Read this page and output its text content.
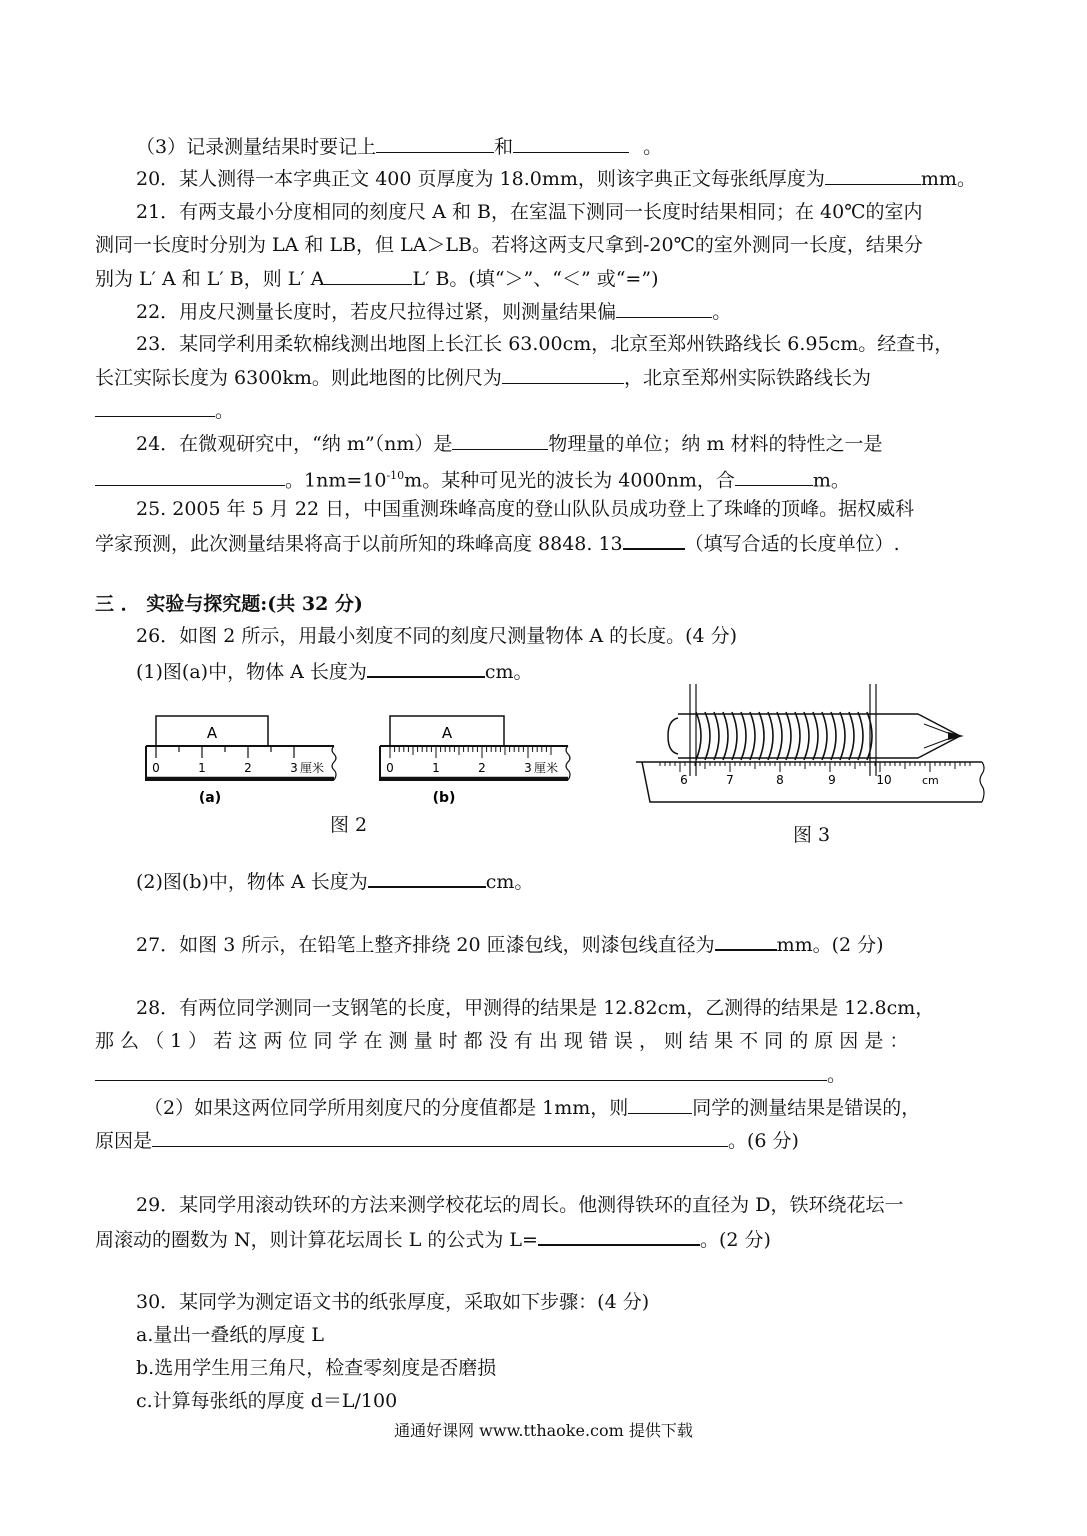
（3）记录测量结果时要记上	和	。
20．某人测得一本字典正文 400 页厚度为 18.0mm，则该字典正文每张纸厚度为	mm。
21．有两支最小分度相同的刻度尺 A 和 B，在室温下测同一长度时结果相同；在 40℃的室内
测同一长度时分别为 LA 和 LB，但 LA＞LB。若将这两支尺拿到-20℃的室外测同一长度，结果分
别为 L′ A 和 L′ B，则 L′ A	L′ B。(填“＞”、“＜” 或“=”)
22．用皮尺测量长度时，若皮尺拉得过紧，则测量结果偏	。
23．某同学利用柔软棉线测出地图上长江长 63.00cm，北京至郑州铁路线长 6.95cm。经查书，
长江实际长度为 6300km。则此地图的比例尺为	，北京至郑州实际铁路线长为
。
24．在微观研究中，“纳 m”（nm）是	物理量的单位；纳 m 材料的特性之一是
。$1nm=10^{-10}m$。某种可见光的波长为 4000nm，合	m。
25. 2005 年 5 月 22 日，中国重测珠峰高度的登山队队员成功登上了珠峰的顶峰。据权威科
学家预测，此次测量结果将高于以前所知的珠峰高度 8848. 13	（填写合适的长度单位）.
三 ． 实验与探究题:(共 32 分)
26．如图 2 所示，用最小刻度不同的刻度尺测量物体 A 的长度。(4 分)
(1)图(a)中，物体 A 长度为	cm。
A
0	1	2	3 厘米
(a)
A
0	1	2	3 厘米
(b)
图 2
6	7	8	9	10	cm
图 3
(2)图(b)中，物体 A 长度为	cm。
27．如图 3 所示，在铅笔上整齐排绕 20 匝漆包线，则漆包线直径为	mm。(2 分)
28．有两位同学测同一支钢笔的长度，甲测得的结果是 12.82cm，乙测得的结果是 12.8cm，
那 么 （ 1 ） 若 这 两 位 同 学 在 测 量 时 都 没 有 出 现 错 误 ， 则 结 果 不 同 的 原 因 是 ：
。
（2）如果这两位同学所用刻度尺的分度值都是 1mm，则	同学的测量结果是错误的，
原因是	。(6 分)
29．某同学用滚动铁环的方法来测学校花坛的周长。他测得铁环的直径为 D，铁环绕花坛一
周滚动的圈数为 N，则计算花坛周长 L 的公式为 L=	。(2 分)
30．某同学为测定语文书的纸张厚度，采取如下步骤：(4 分)
a.量出一叠纸的厚度 L
b.选用学生用三角尺，检查零刻度是否磨损
c.计算每张纸的厚度 d＝L/100
通通好课网 www.tthaoke.com 提供下载
